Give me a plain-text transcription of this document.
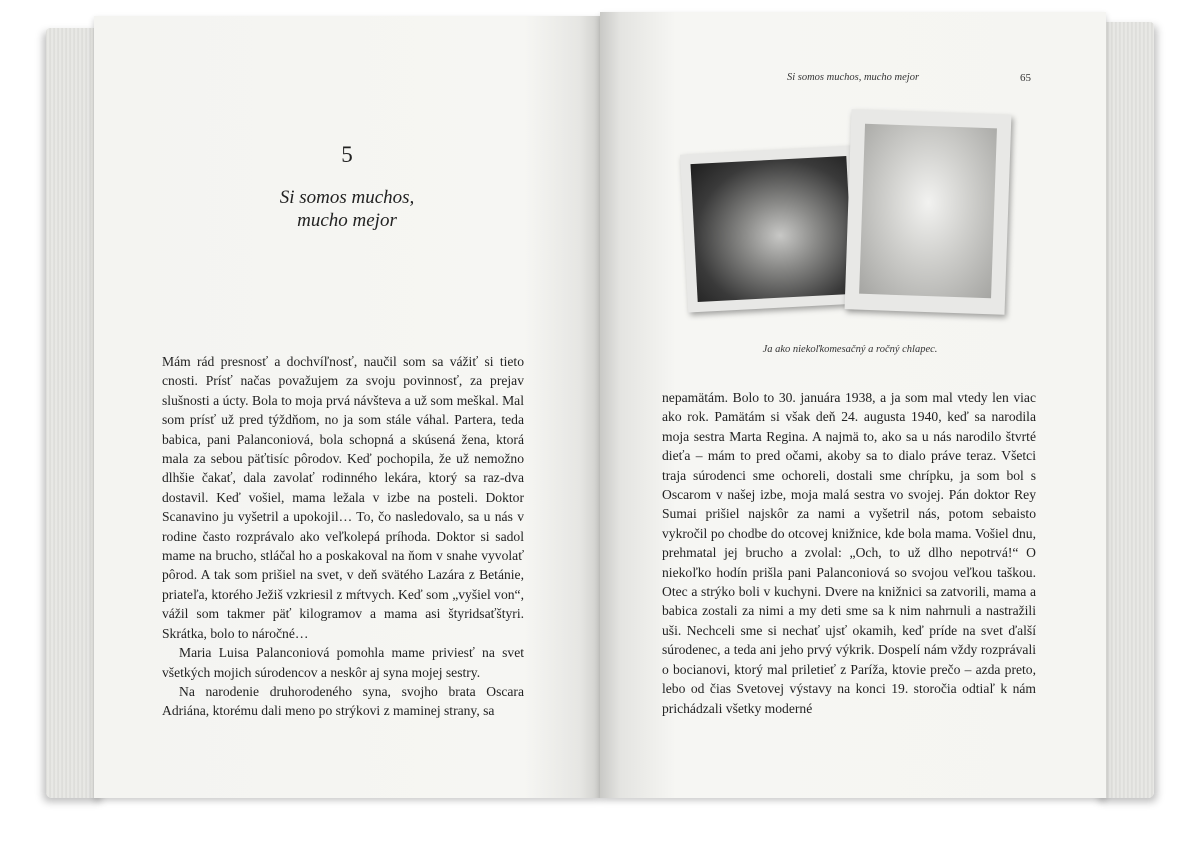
5
Si somos muchos,
mucho mejor

Mám rád presnosť a dochvíľnosť, naučil som sa vážiť si tieto cnosti. Prísť načas považujem za svoju povinnosť, za prejav slušnosti a úcty. Bola to moja prvá návšteva a už som meškal. Mal som prísť už pred týždňom, no ja som stále váhal. Partera, teda babica, pani Palanconiová, bola schopná a skúsená žena, ktorá mala za sebou päťtisíc pôrodov. Keď pochopila, že už nemožno dlhšie čakať, dala zavolať rodinného lekára, ktorý sa raz-dva dostavil. Keď vošiel, mama ležala v izbe na posteli. Doktor Scanavino ju vyšetril a upokojil… To, čo nasledovalo, sa u nás v rodine často rozprávalo ako veľkolepá príhoda. Doktor si sadol mame na brucho, stláčal ho a poskakoval na ňom v snahe vyvolať pôrod. A tak som prišiel na svet, v deň svätého Lazára z Betánie, priateľa, ktorého Ježiš vzkriesil z mŕtvych. Keď som „vyšiel von“, vážil som takmer päť kilogramov a mama asi štyridsaťštyri. Skrátka, bolo to náročné…

Maria Luisa Palanconiová pomohla mame priviesť na svet všetkých mojich súrodencov a neskôr aj syna mojej sestry.

Na narodenie druhorodeného syna, svojho brata Oscara Adriána, ktorému dali meno po strýkovi z maminej strany, sa

Si somos muchos, mucho mejor	65
Ja ako niekoľkomesačný a ročný chlapec.

nepamätám. Bolo to 30. januára 1938, a ja som mal vtedy len viac ako rok. Pamätám si však deň 24. augusta 1940, keď sa narodila moja sestra Marta Regina. A najmä to, ako sa u nás narodilo štvrté dieťa – mám to pred očami, akoby sa to dialo práve teraz. Všetci traja súrodenci sme ochoreli, dostali sme chrípku, ja som bol s Oscarom v našej izbe, moja malá sestra vo svojej. Pán doktor Rey Sumai prišiel najskôr za nami a vyšetril nás, potom sebaisto vykročil po chodbe do otcovej knižnice, kde bola mama. Vošiel dnu, prehmatal jej brucho a zvolal: „Och, to už dlho nepotrvá!“ O niekoľko hodín prišla pani Palanconiová so svojou veľkou taškou. Otec a strýko boli v kuchyni. Dvere na knižnici sa zatvorili, mama a babica zostali za nimi a my deti sme sa k nim nahrnuli a nastražili uši. Nechceli sme si nechať ujsť okamih, keď príde na svet ďalší súrodenec, a teda ani jeho prvý výkrik. Dospelí nám vždy rozprávali o bocianovi, ktorý mal priletieť z Paríža, ktovie prečo – azda preto, lebo od čias Svetovej výstavy na konci 19. storočia odtiaľ k nám prichádzali všetky moderné
